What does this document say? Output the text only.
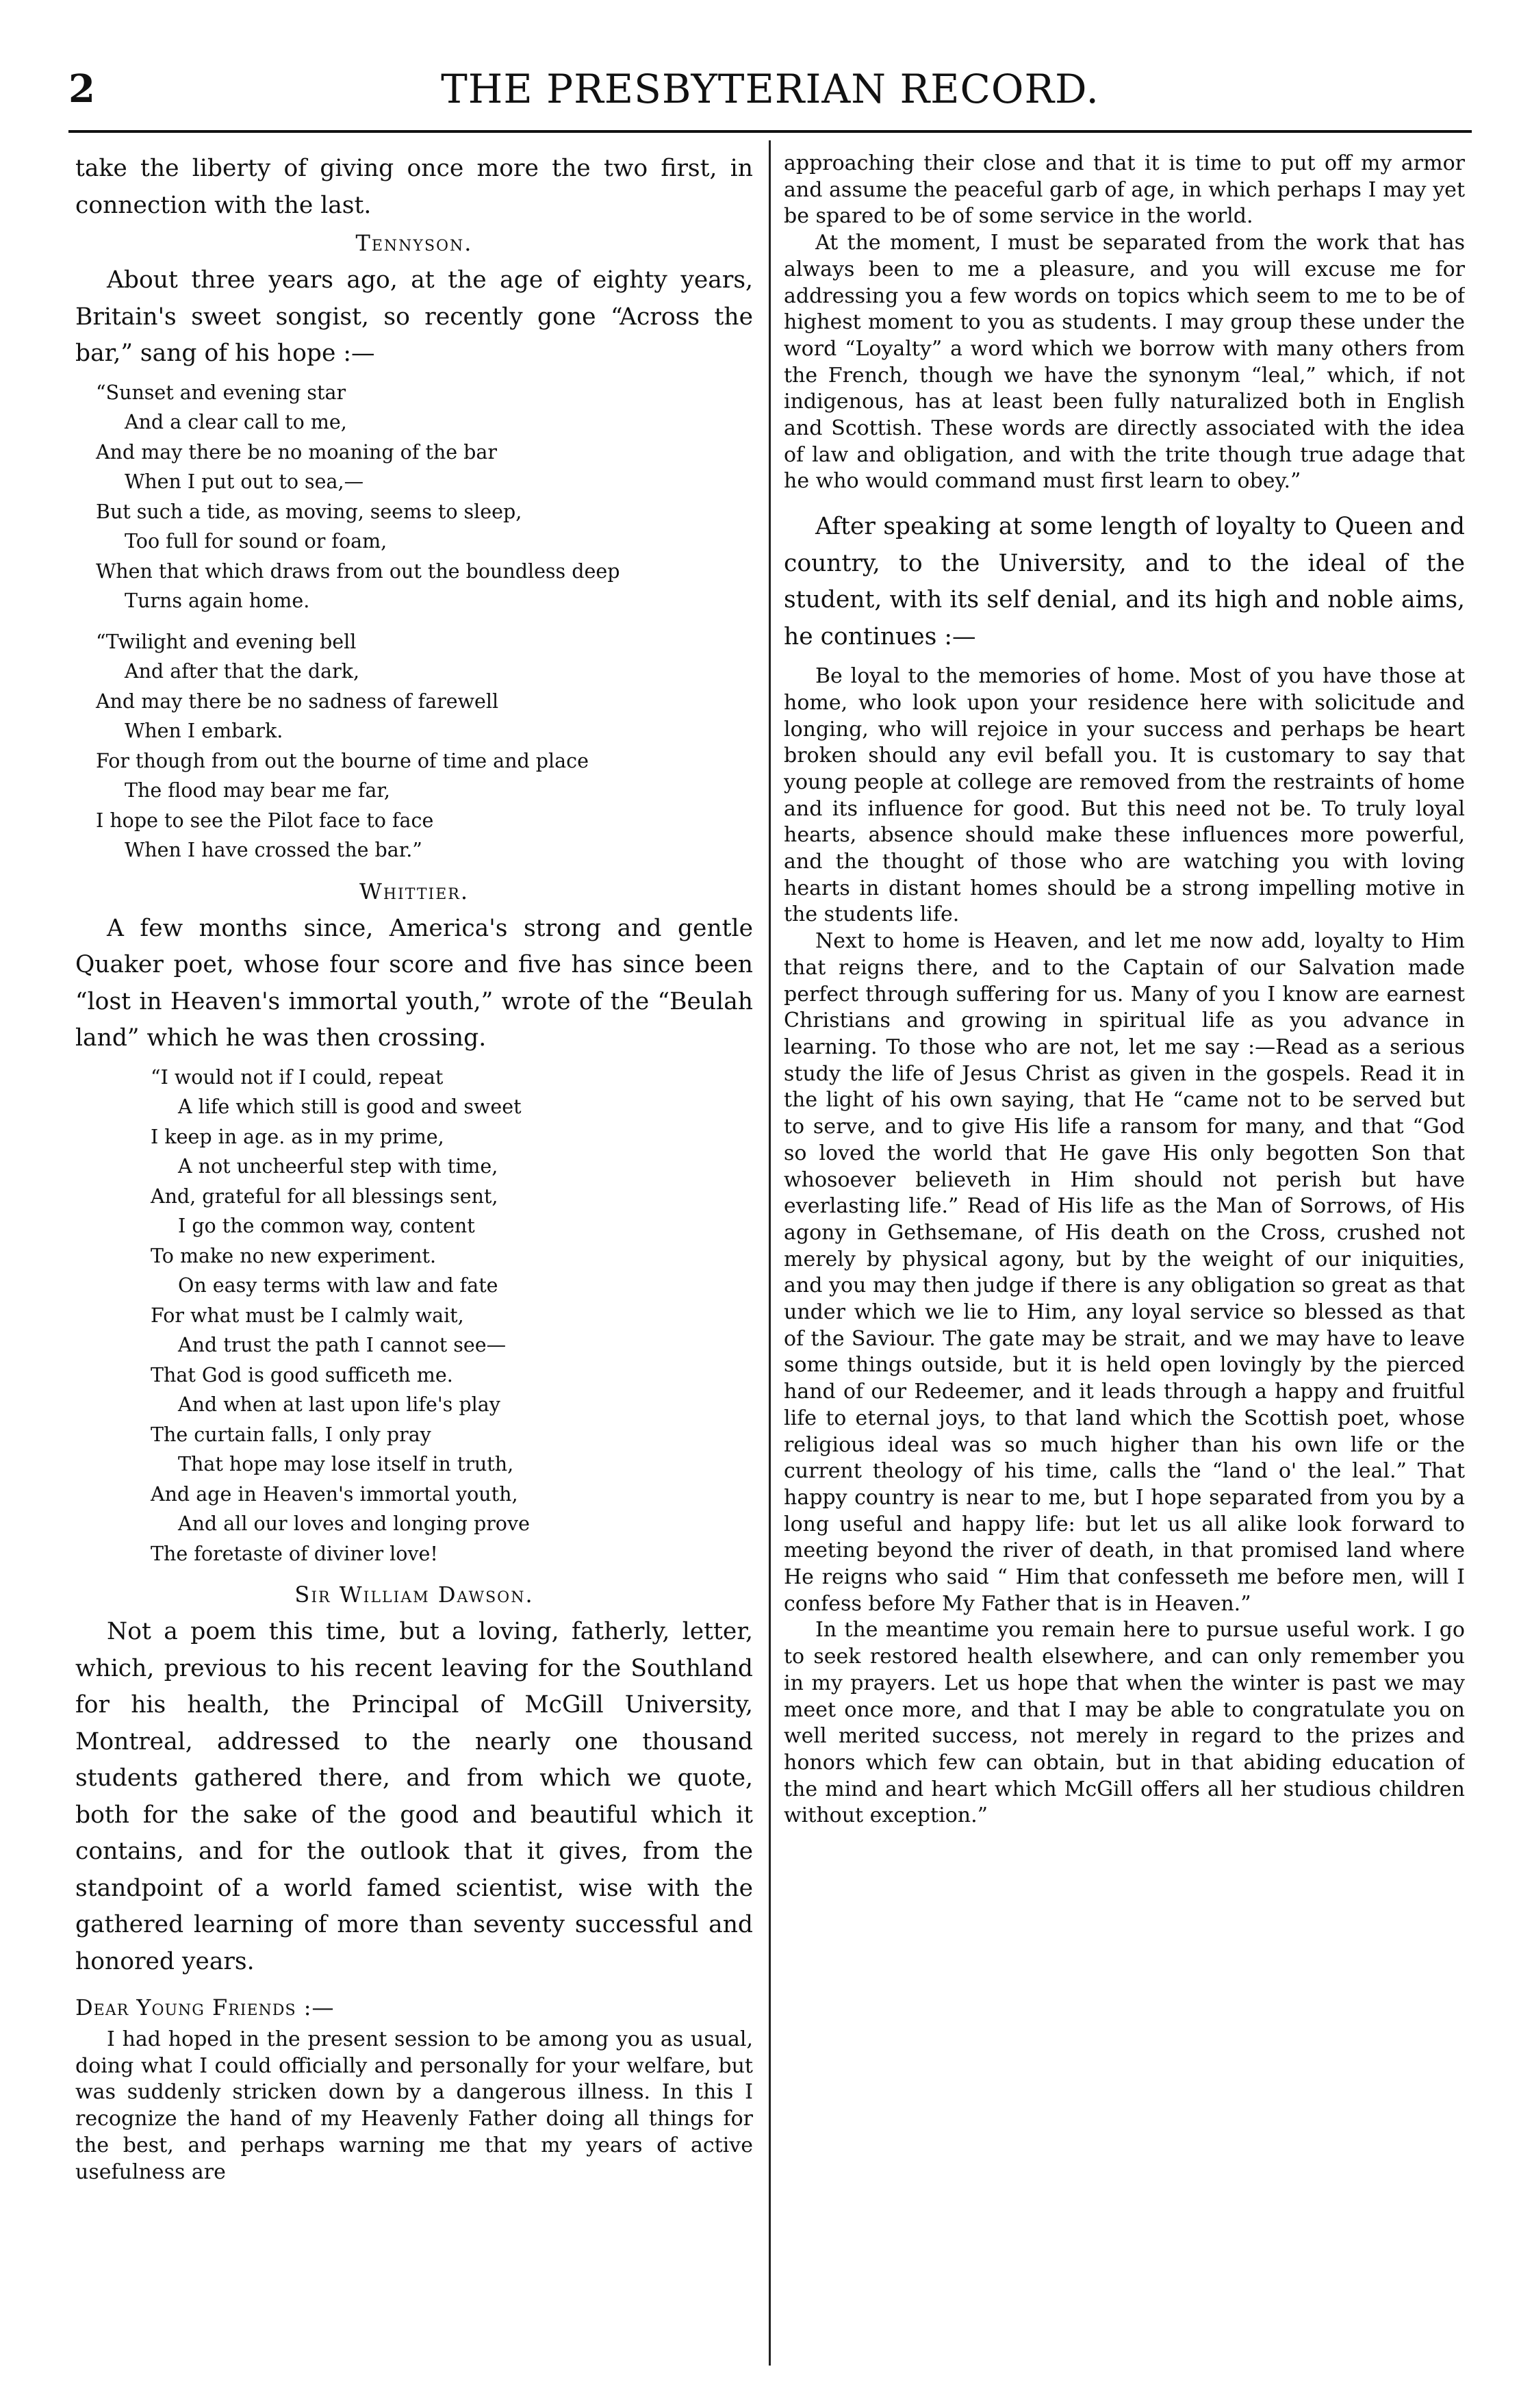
2	THE PRESBYTERIAN RECORD.

take the liberty of giving once more the two first, in connection with the last.

Tennyson.

About three years ago, at the age of eighty years, Britain's sweet songist, so recently gone “Across the bar,” sang of his hope :—

“Sunset and evening star
And a clear call to me,
And may there be no moaning of the bar
When I put out to sea,—
But such a tide, as moving, seems to sleep,
Too full for sound or foam,
When that which draws from out the boundless deep
Turns again home.
“Twilight and evening bell
And after that the dark,
And may there be no sadness of farewell
When I embark.
For though from out the bourne of time and place
The flood may bear me far,
I hope to see the Pilot face to face
When I have crossed the bar.”
Whittier.

A few months since, America's strong and gentle Quaker poet, whose four score and five has since been “lost in Heaven's immortal youth,” wrote of the “Beulah land” which he was then crossing.

“I would not if I could, repeat
A life which still is good and sweet
I keep in age. as in my prime,
A not uncheerful step with time,
And, grateful for all blessings sent,
I go the common way, content
To make no new experiment.
On easy terms with law and fate
For what must be I calmly wait,
And trust the path I cannot see—
That God is good sufficeth me.
And when at last upon life's play
The curtain falls, I only pray
That hope may lose itself in truth,
And age in Heaven's immortal youth,
And all our loves and longing prove
The foretaste of diviner love!
Sir William Dawson.

Not a poem this time, but a loving, fatherly, letter, which, previous to his recent leaving for the Southland for his health, the Principal of McGill University, Montreal, addressed to the nearly one thousand students gathered there, and from which we quote, both for the sake of the good and beautiful which it contains, and for the outlook that it gives, from the standpoint of a world famed scientist, wise with the gathered learning of more than seventy successful and honored years.

Dear Young Friends :—

I had hoped in the present session to be among you as usual, doing what I could officially and personally for your welfare, but was suddenly stricken down by a dangerous illness. In this I recognize the hand of my Heavenly Father doing all things for the best, and perhaps warning me that my years of active usefulness are

approaching their close and that it is time to put off my armor and assume the peaceful garb of age, in which perhaps I may yet be spared to be of some service in the world.

At the moment, I must be separated from the work that has always been to me a pleasure, and you will excuse me for addressing you a few words on topics which seem to me to be of highest moment to you as students. I may group these under the word “Loyalty” a word which we borrow with many others from the French, though we have the synonym “leal,” which, if not indigenous, has at least been fully naturalized both in English and Scottish. These words are directly associated with the idea of law and obligation, and with the trite though true adage that he who would command must first learn to obey.”

After speaking at some length of loyalty to Queen and country, to the University, and to the ideal of the student, with its self denial, and its high and noble aims, he continues :—

Be loyal to the memories of home. Most of you have those at home, who look upon your residence here with solicitude and longing, who will rejoice in your success and perhaps be heart broken should any evil befall you. It is customary to say that young people at college are removed from the restraints of home and its influence for good. But this need not be. To truly loyal hearts, absence should make these influences more powerful, and the thought of those who are watching you with loving hearts in distant homes should be a strong impelling motive in the students life.

Next to home is Heaven, and let me now add, loyalty to Him that reigns there, and to the Captain of our Salvation made perfect through suffering for us. Many of you I know are earnest Christians and growing in spiritual life as you advance in learning. To those who are not, let me say :—Read as a serious study the life of Jesus Christ as given in the gospels. Read it in the light of his own saying, that He “came not to be served but to serve, and to give His life a ransom for many, and that “God so loved the world that He gave His only begotten Son that whosoever believeth in Him should not perish but have everlasting life.” Read of His life as the Man of Sorrows, of His agony in Gethsemane, of His death on the Cross, crushed not merely by physical agony, but by the weight of our iniquities, and you may then judge if there is any obligation so great as that under which we lie to Him, any loyal service so blessed as that of the Saviour. The gate may be strait, and we may have to leave some things outside, but it is held open lovingly by the pierced hand of our Redeemer, and it leads through a happy and fruitful life to eternal joys, to that land which the Scottish poet, whose religious ideal was so much higher than his own life or the current theology of his time, calls the “land o' the leal.” That happy country is near to me, but I hope separated from you by a long useful and happy life: but let us all alike look forward to meeting beyond the river of death, in that promised land where He reigns who said “ Him that confesseth me before men, will I confess before My Father that is in Heaven.”

In the meantime you remain here to pursue useful work. I go to seek restored health elsewhere, and can only remember you in my prayers. Let us hope that when the winter is past we may meet once more, and that I may be able to congratulate you on well merited success, not merely in regard to the prizes and honors which few can obtain, but in that abiding education of the mind and heart which McGill offers all her studious children without exception.”
